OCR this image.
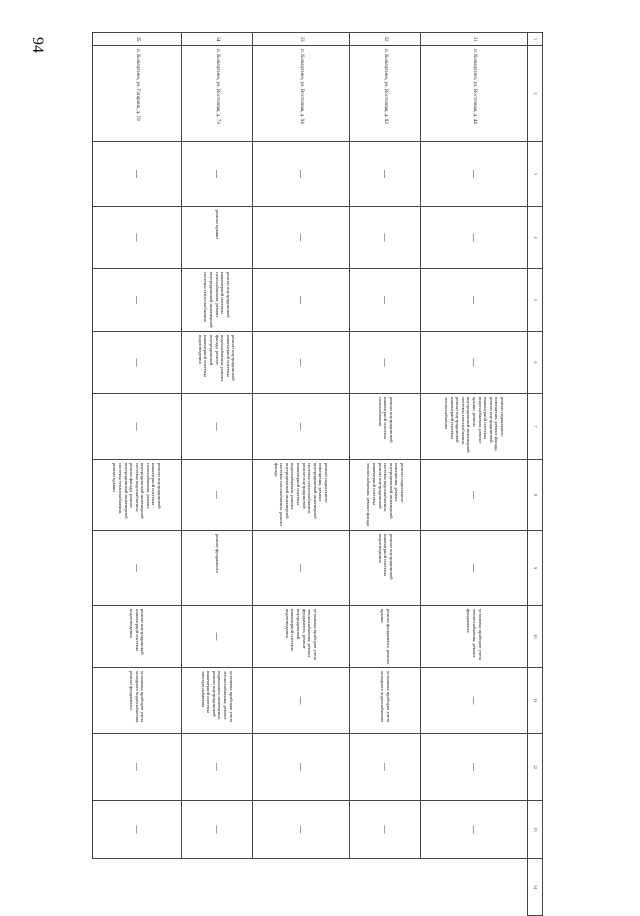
94	1	2	3	4	5	6	7	8	9	10	11	12	13	14
31	п. Кольчугино, ул. Восточная, д. 44	—	—	—	—	ремонт подвального помещения, ремонт фасада, ремонт внутридомовой инженерной системы водоснабжения, ремонт крыши, ремонт внутридомовой инженерной системы газоснабжения, ремонт внутридомовой инженерной системы теплоснабжения	—	—	установка приборов учета теплоснабжения, ремонт фундамента	—	—	—	
32	п. Кольчугино, ул. Восточная, д. 92	—	—	—	—	ремонт внутридомовой инженерной системы газоснабжения	ремонт подвального помещения, ремонт внутридомовой инженерной системы водоснабжения, ремонт внутридомовой инженерной системы теплоснабжения, ремонт фасада	ремонт внутридомовой инженерной системы водоотведения	ремонт фундамента, ремонт крыши	установка приборов учета холодного водоснабжения	—	—	
33	п. Кольчугино, ул. Восточная, д. 94	—	—	—	—	—	ремонт подвального помещения, ремонт внутридомовой инженерной системы теплоснабжения, ремонт внутридомовой инженерной системы водоснабжения, ремонт внутридомовой инженерной системы газоснабжения, ремонт фасада	—	установка приборов учета теплоснабжения, ремонт фундамента, ремонт внутридомовой инженерной системы водоотведения	—	—	—	
34	п. Кольчугино, ул. Восточная, д. 73	—	ремонт крыши	ремонт внутридомовой инженерной системы газоснабжения, ремонт внутридомовой инженерной системы теплоснабжения	ремонт внутридомовой инженерной системы водоснабжения, ремонт фасада, ремонт внутридомовой инженерной системы водоотведения	—	—	ремонт фундамента	—	установка приборов учета теплоснабжения, ремонт подвального помещения, ремонт внутридомовой инженерной системы электроснабжения	—	—	
35	п. Кольчугино, ул. Гагарина, д. 19	—	—	—	—	—	ремонт внутридомовой инженерной системы газоснабжения, ремонт внутридомовой инженерной системы водоснабжения, ремонт фасада, ремонт внутридомовой инженерной системы теплоснабжения, ремонт крыши	—	ремонт внутридомовой инженерной системы водоотведения	установка приборов учета холодного водоснабжения, ремонт фундамента	—	—	
